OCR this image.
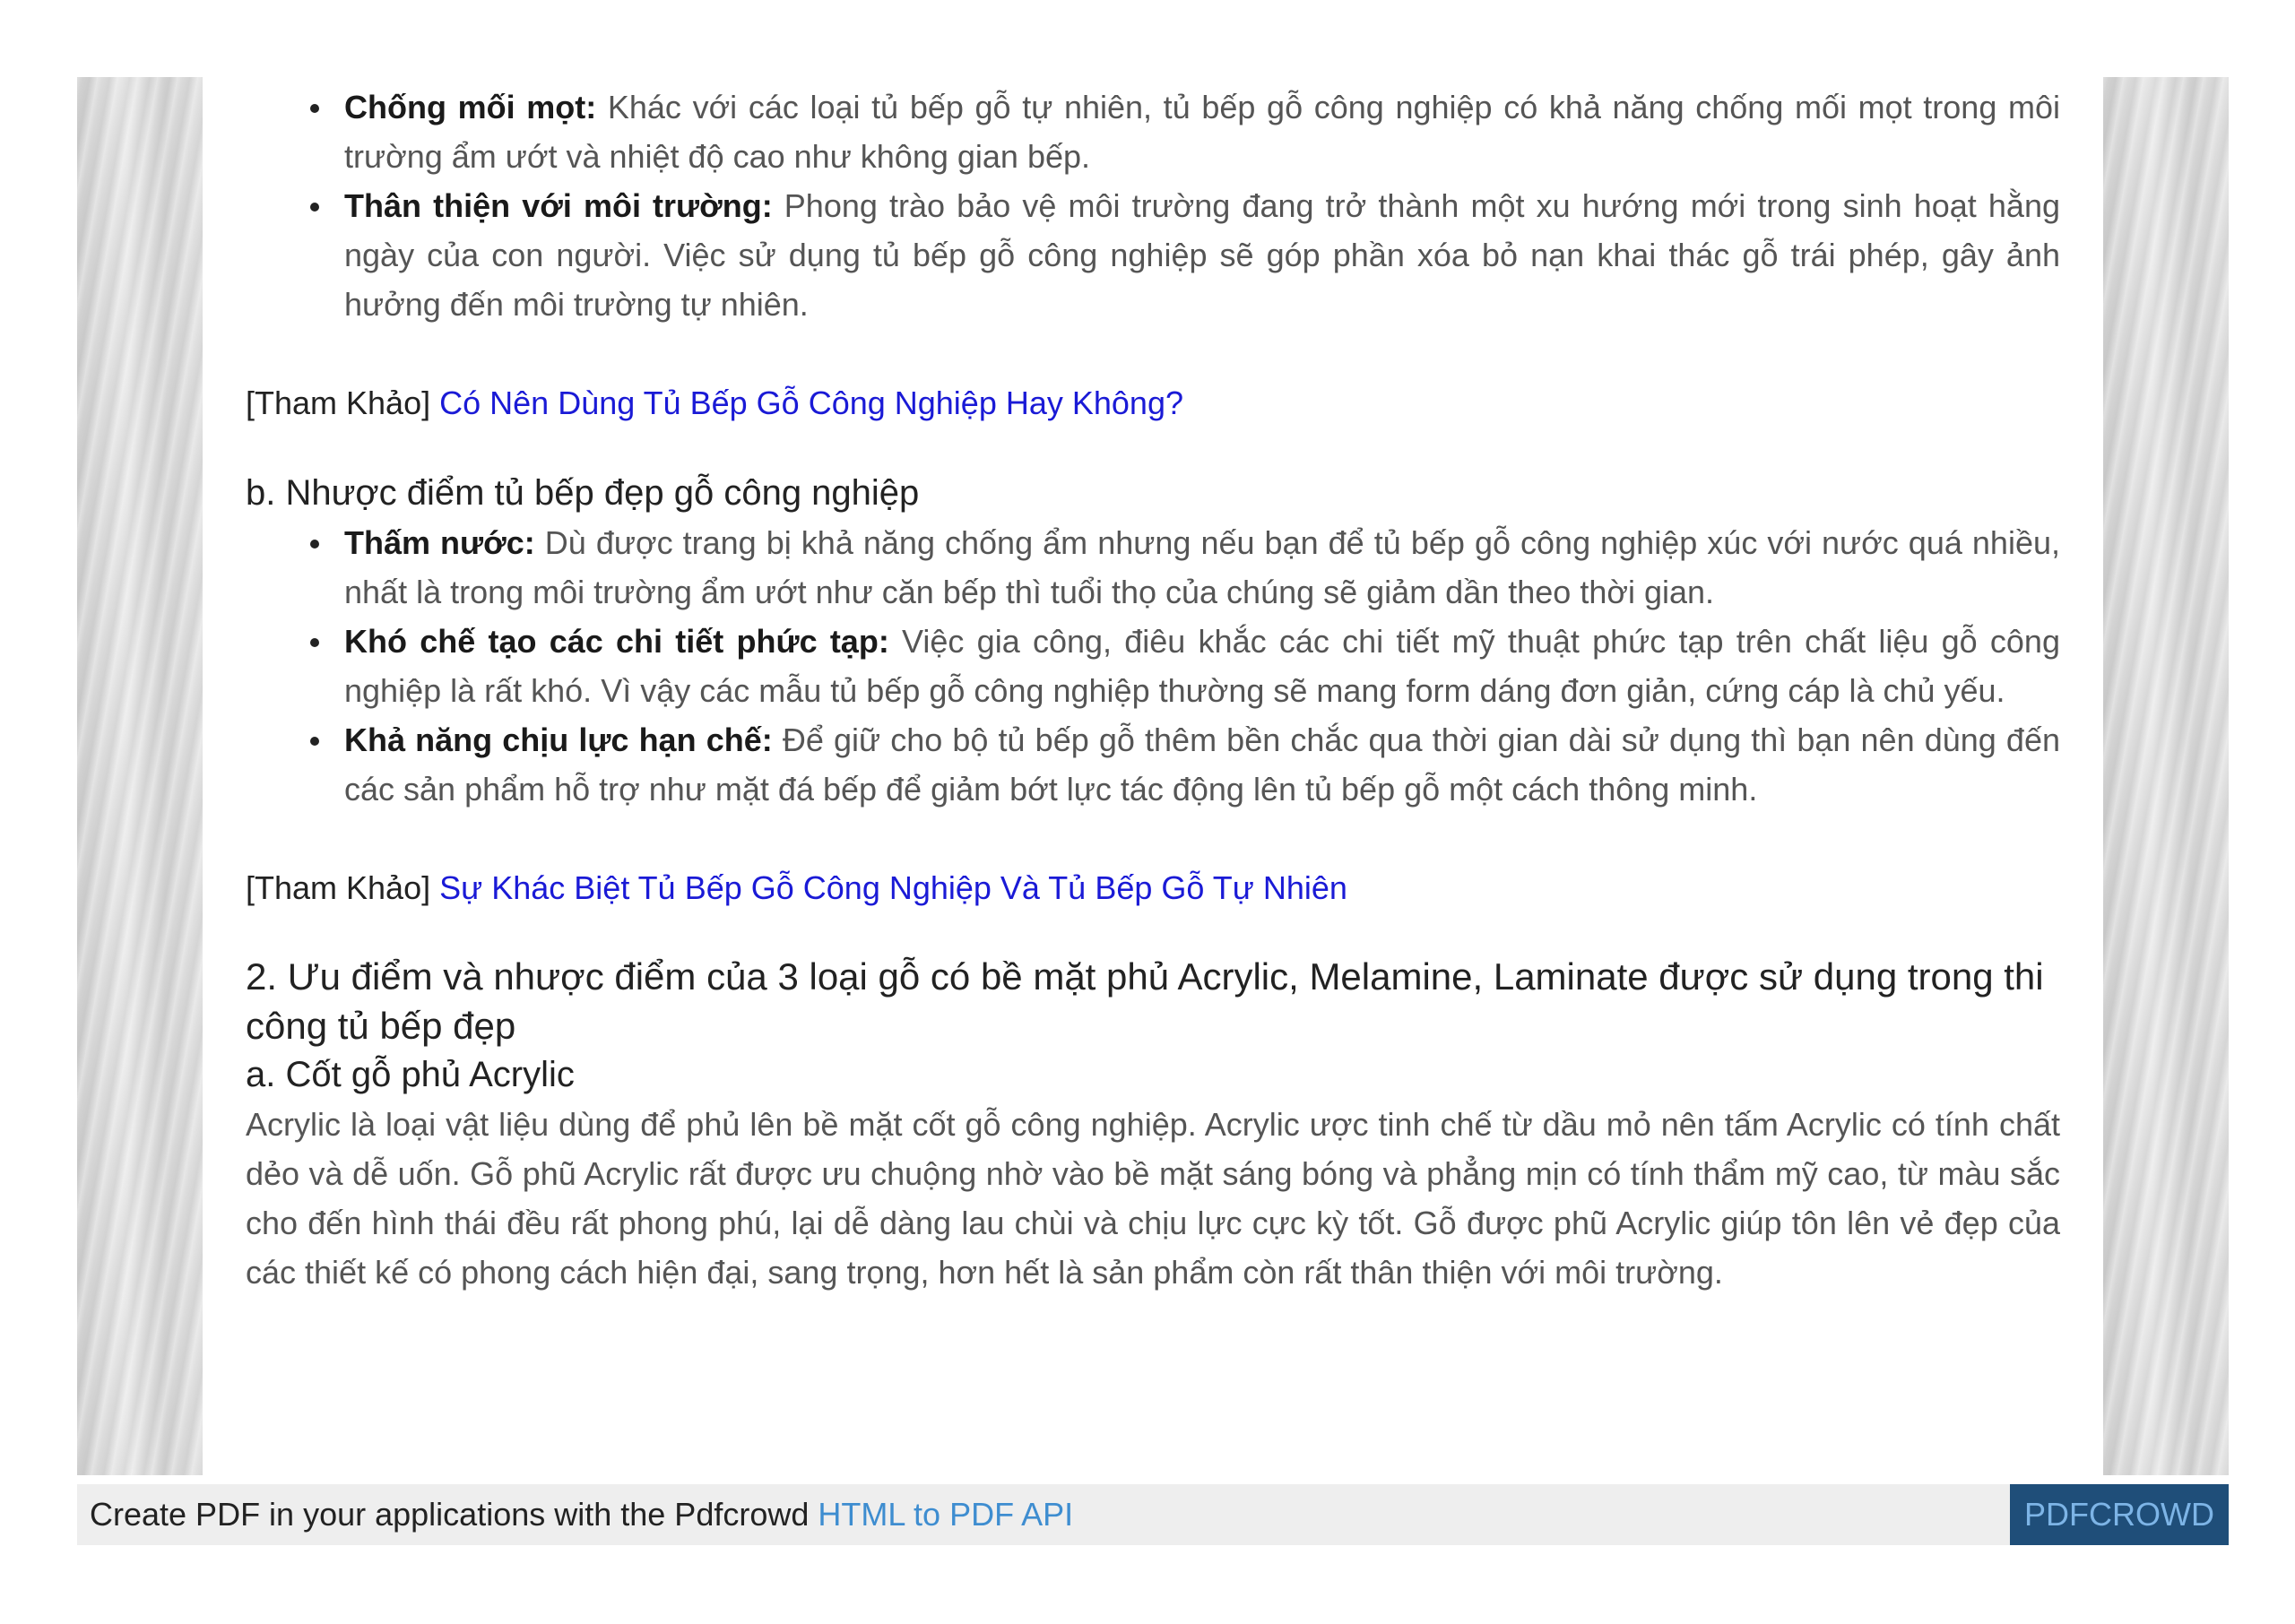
Chống mối mọt: Khác với các loại tủ bếp gỗ tự nhiên, tủ bếp gỗ công nghiệp có khả năng chống mối mọt trong môi trường ẩm ướt và nhiệt độ cao như không gian bếp.
Thân thiện với môi trường: Phong trào bảo vệ môi trường đang trở thành một xu hướng mới trong sinh hoạt hằng ngày của con người. Việc sử dụng tủ bếp gỗ công nghiệp sẽ góp phần xóa bỏ nạn khai thác gỗ trái phép, gây ảnh hưởng đến môi trường tự nhiên.
[Tham Khảo] Có Nên Dùng Tủ Bếp Gỗ Công Nghiệp Hay Không?
b. Nhược điểm tủ bếp đẹp gỗ công nghiệp
Thấm nước: Dù được trang bị khả năng chống ẩm nhưng nếu bạn để tủ bếp gỗ công nghiệp xúc với nước quá nhiều, nhất là trong môi trường ẩm ướt như căn bếp thì tuổi thọ của chúng sẽ giảm dần theo thời gian.
Khó chế tạo các chi tiết phức tạp: Việc gia công, điêu khắc các chi tiết mỹ thuật phức tạp trên chất liệu gỗ công nghiệp là rất khó. Vì vậy các mẫu tủ bếp gỗ công nghiệp thường sẽ mang form dáng đơn giản, cứng cáp là chủ yếu.
Khả năng chịu lực hạn chế: Để giữ cho bộ tủ bếp gỗ thêm bền chắc qua thời gian dài sử dụng thì bạn nên dùng đến các sản phẩm hỗ trợ như mặt đá bếp để giảm bớt lực tác động lên tủ bếp gỗ một cách thông minh.
[Tham Khảo] Sự Khác Biệt Tủ Bếp Gỗ Công Nghiệp Và Tủ Bếp Gỗ Tự Nhiên
2. Ưu điểm và nhược điểm của 3 loại gỗ có bề mặt phủ Acrylic, Melamine, Laminate được sử dụng trong thi công tủ bếp đẹp
a. Cốt gỗ phủ Acrylic
Acrylic là loại vật liệu dùng để phủ lên bề mặt cốt gỗ công nghiệp. Acrylic ược tinh chế từ dầu mỏ nên tấm Acrylic có tính chất dẻo và dễ uốn. Gỗ phũ Acrylic rất được ưu chuộng nhờ vào bề mặt sáng bóng và phẳng mịn có tính thẩm mỹ cao, từ màu sắc cho đến hình thái đều rất phong phú, lại dễ dàng lau chùi và chịu lực cực kỳ tốt. Gỗ được phũ Acrylic giúp tôn lên vẻ đẹp của các thiết kế có phong cách hiện đại, sang trọng, hơn hết là sản phẩm còn rất thân thiện với môi trường.
Create PDF in your applications with the Pdfcrowd HTML to PDF API	PDFCROWD
